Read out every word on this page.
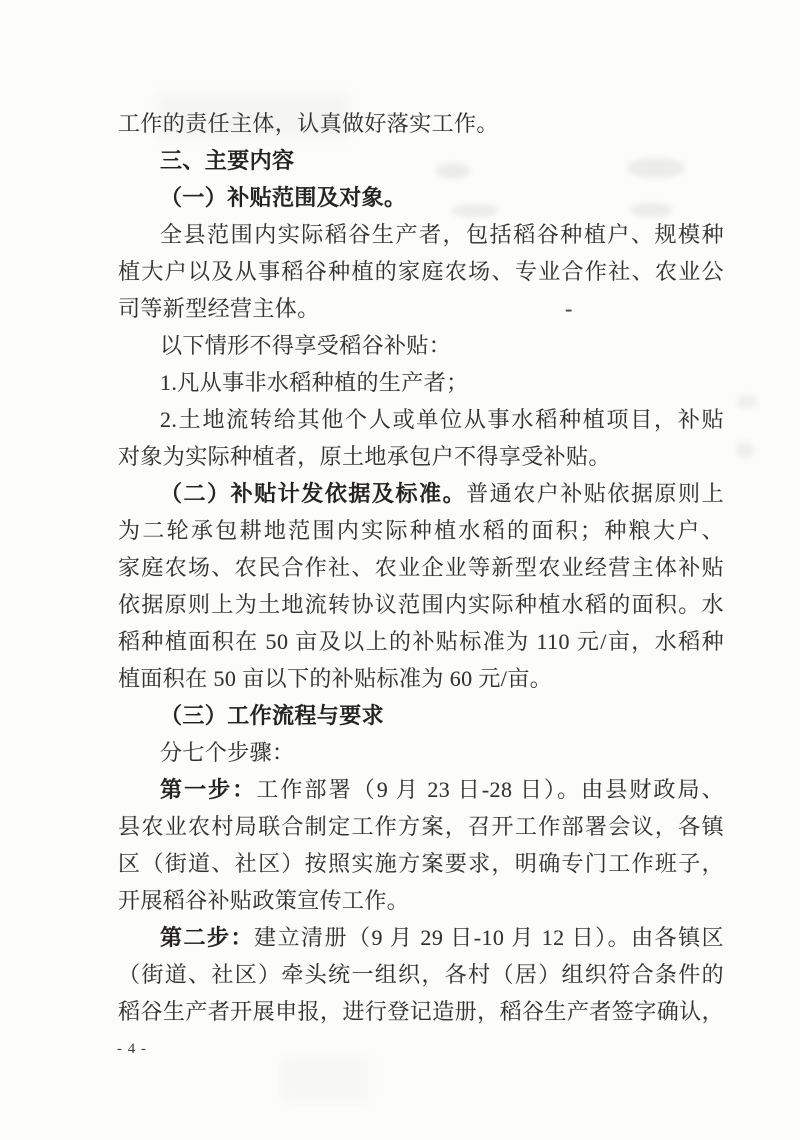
-
工作的责任主体，认真做好落实工作。
三、主要内容
（一）补贴范围及对象。
全县范围内实际稻谷生产者，包括稻谷种植户、规模种
植大户以及从事稻谷种植的家庭农场、专业合作社、农业公
司等新型经营主体。
以下情形不得享受稻谷补贴：
1.凡从事非水稻种植的生产者；
2.土地流转给其他个人或单位从事水稻种植项目，补贴
对象为实际种植者，原土地承包户不得享受补贴。
（二）补贴计发依据及标准。普通农户补贴依据原则上
为二轮承包耕地范围内实际种植水稻的面积；种粮大户、
家庭农场、农民合作社、农业企业等新型农业经营主体补贴
依据原则上为土地流转协议范围内实际种植水稻的面积。水
稻种植面积在 50 亩及以上的补贴标准为 110 元/亩，水稻种
植面积在 50 亩以下的补贴标准为 60 元/亩。
（三）工作流程与要求
分七个步骤：
第一步：工作部署（9 月 23 日-28 日）。由县财政局、
县农业农村局联合制定工作方案，召开工作部署会议，各镇
区（街道、社区）按照实施方案要求，明确专门工作班子，
开展稻谷补贴政策宣传工作。
第二步：建立清册（9 月 29 日-10 月 12 日）。由各镇区
（街道、社区）牵头统一组织，各村（居）组织符合条件的
稻谷生产者开展申报，进行登记造册，稻谷生产者签字确认，
- 4 -
